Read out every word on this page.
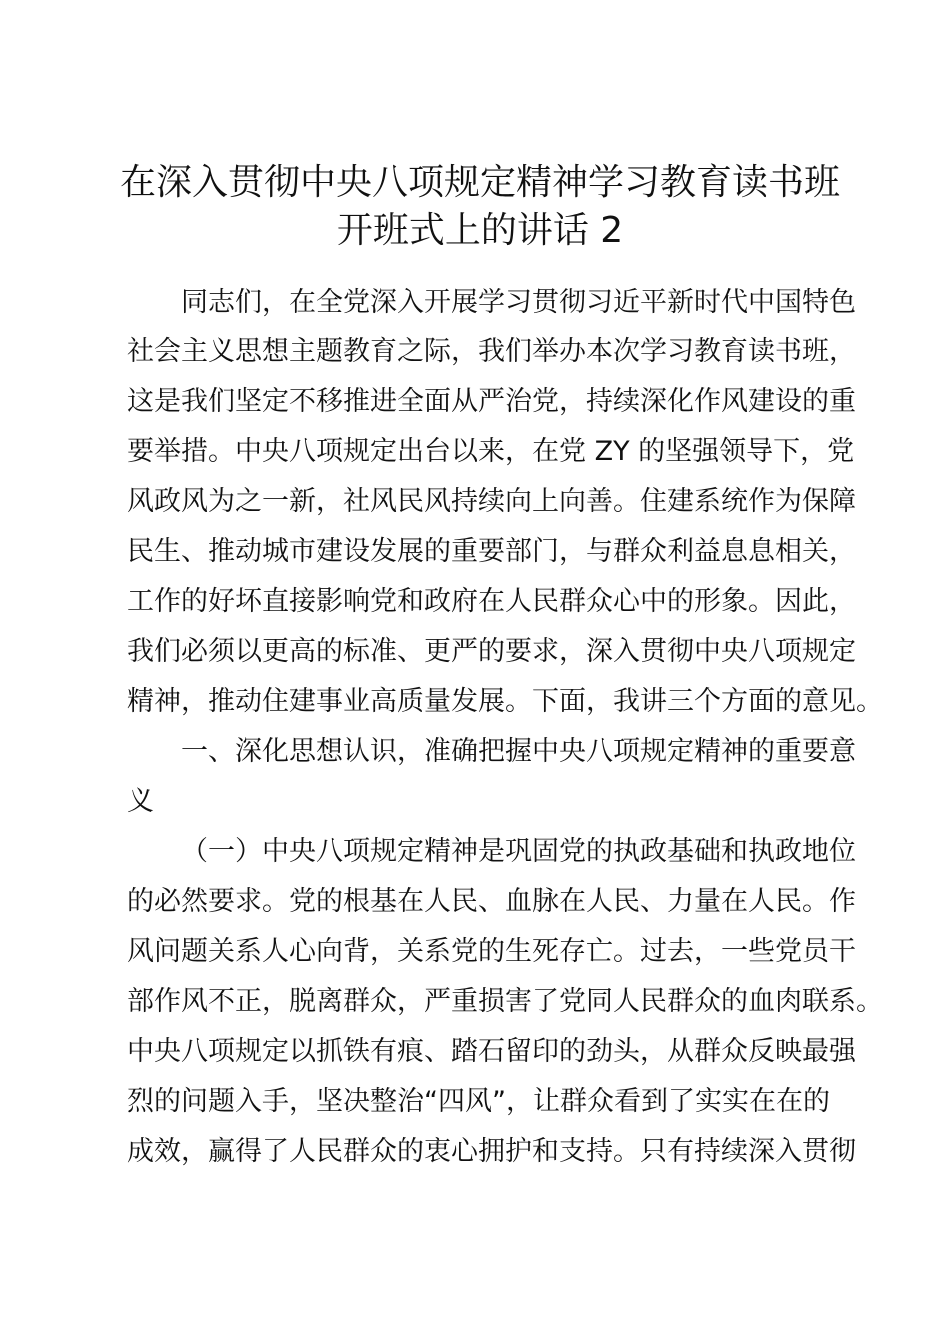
在深入贯彻中央八项规定精神学习教育读书班
开班式上的讲话 2
同志们，在全党深入开展学习贯彻习近平新时代中国特色
社会主义思想主题教育之际，我们举办本次学习教育读书班，
这是我们坚定不移推进全面从严治党，持续深化作风建设的重
要举措。中央八项规定出台以来，在党 ZY 的坚强领导下，党
风政风为之一新，社风民风持续向上向善。住建系统作为保障
民生、推动城市建设发展的重要部门，与群众利益息息相关，
工作的好坏直接影响党和政府在人民群众心中的形象。因此，
我们必须以更高的标准、更严的要求，深入贯彻中央八项规定
精神，推动住建事业高质量发展。下面，我讲三个方面的意见。
一、深化思想认识，准确把握中央八项规定精神的重要意
义
（一）中央八项规定精神是巩固党的执政基础和执政地位
的必然要求。党的根基在人民、血脉在人民、力量在人民。作
风问题关系人心向背，关系党的生死存亡。过去，一些党员干
部作风不正，脱离群众，严重损害了党同人民群众的血肉联系。
中央八项规定以抓铁有痕、踏石留印的劲头，从群众反映最强
烈的问题入手，坚决整治“四风”，让群众看到了实实在在的
成效，赢得了人民群众的衷心拥护和支持。只有持续深入贯彻
